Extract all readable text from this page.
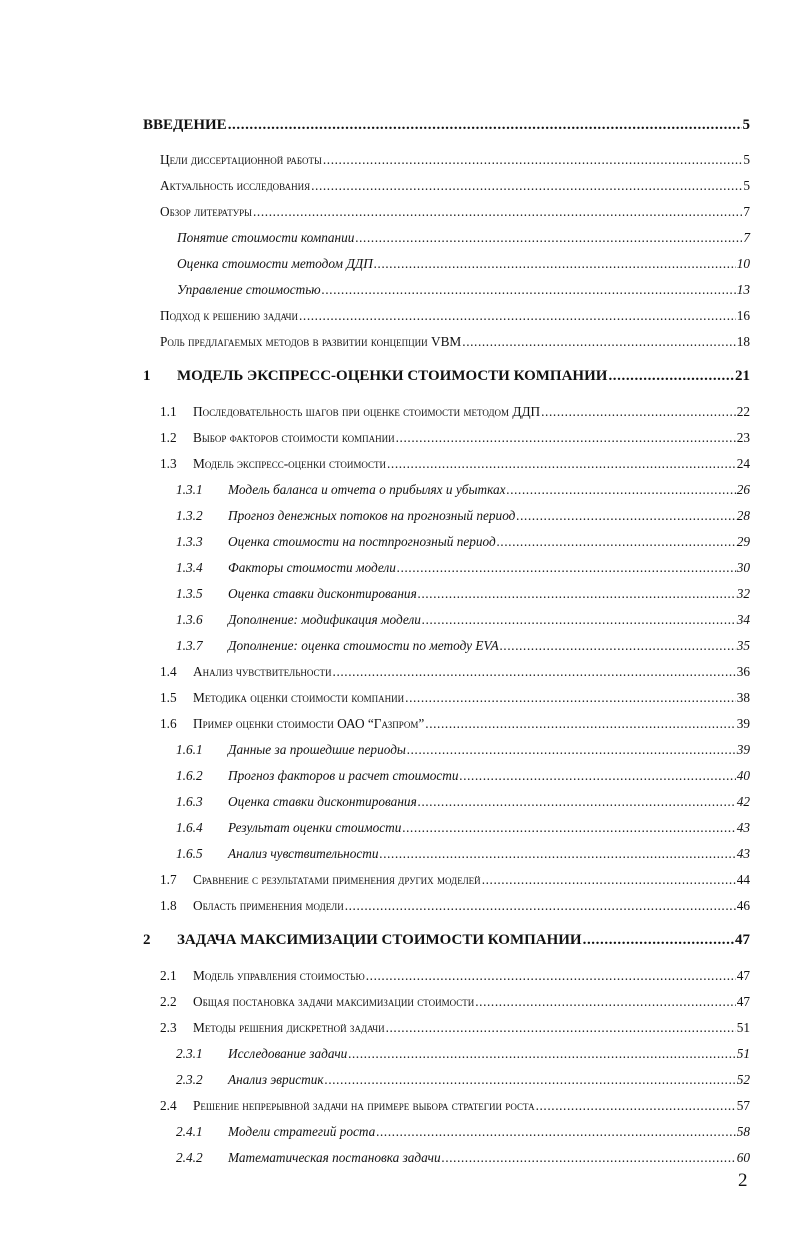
ВВЕДЕНИЕ .....	5
Цели диссертационной работы .....	5
Актуальность исследования .....	5
Обзор литературы .....	7
Понятие стоимости компании .....	7
Оценка стоимости методом ДДП .....	10
Управление стоимостью .....	13
Подход к решению задачи .....	16
Роль предлагаемых методов в развитии концепции VBM .....	18
1 МОДЕЛЬ ЭКСПРЕСС-ОЦЕНКИ СТОИМОСТИ КОМПАНИИ .....	21
1.1 Последовательность шагов при оценке стоимости методом ДДП .....	22
1.2 Выбор факторов стоимости компании .....	23
1.3 Модель экспресс-оценки стоимости .....	24
1.3.1 Модель баланса и отчета о прибылях и убытках .....	26
1.3.2 Прогноз денежных потоков на прогнозный период .....	28
1.3.3 Оценка стоимости на постпрогнозный период .....	29
1.3.4 Факторы стоимости модели .....	30
1.3.5 Оценка ставки дисконтирования .....	32
1.3.6 Дополнение: модификация модели .....	34
1.3.7 Дополнение: оценка стоимости по методу EVA .....	35
1.4 Анализ чувствительности .....	36
1.5 Методика оценки стоимости компании .....	38
1.6 Пример оценки стоимости ОАО “Газпром” .....	39
1.6.1 Данные за прошедшие периоды .....	39
1.6.2 Прогноз факторов и расчет стоимости .....	40
1.6.3 Оценка ставки дисконтирования .....	42
1.6.4 Результат оценки стоимости .....	43
1.6.5 Анализ чувствительности .....	43
1.7 Сравнение с результатами применения других моделей .....	44
1.8 Область применения модели .....	46
2 ЗАДАЧА МАКСИМИЗАЦИИ СТОИМОСТИ КОМПАНИИ .....	47
2.1 Модель управления стоимостью .....	47
2.2 Общая постановка задачи максимизации стоимости .....	47
2.3 Методы решения дискретной задачи .....	51
2.3.1 Исследование задачи .....	51
2.3.2 Анализ эвристик .....	52
2.4 Решение непрерывной задачи на примере выбора стратегии роста .....	57
2.4.1 Модели стратегий роста .....	58
2.4.2 Математическая постановка задачи .....	60
2
